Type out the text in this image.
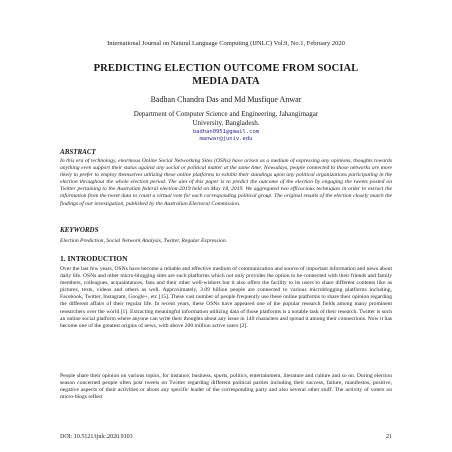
International Journal on Natural Language Computing (IJNLC) Vol.9, No.1, February 2020
PREDICTING ELECTION OUTCOME FROM SOCIAL
MEDIA DATA
Badhan Chandra Das and Md Musfique Anwar
Department of Computer Science and Engineering, Jahangirnagar
University, Bangladesh.
badhan0951@gmail.com
manwar@juniv.edu
ABSTRACT

In this era of technology, enormous Online Social Networking Sites (OSNs) have arisen as a medium of expressing any opinions, thoughts towards anything even support their status against any social or political matter at the same time. Nowadays, people connected to those networks are more likely to prefer to employ themselves utilizing these online platforms to exhibit their standings upon any political organizations participating in the election throughout the whole election period. The aim of this paper is to predict the outcome of the election by engaging the tweets posted on Twitter pertaining to the Australian federal election-2019 held on May 18, 2019. We aggregated two efficacious techniques in order to extract the information from the tweet data to count a virtual vote for each corresponding political group. The original results of the election closely match the findings of our investigation, published by the Australian Electoral Commission.

KEYWORDS

Election Prediction, Social Network Analysis, Twitter, Regular Expression.

1. INTRODUCTION

Over the last few years, OSNs have become a reliable and effective medium of communication and source of important information and news about daily life. OSNs and other micro-blogging sites are such platforms which not only provides the option to be connected with their friends and family members, colleagues, acquaintances, fans and their other well-wishers but it also offers the facility to its users to share different contents like as pictures, texts, videos and others as well. Approximately, 3.09 billion people are connected to various microblogging platforms including, Facebook, Twitter, Instagram, Google+, etc [15]. These vast number of people frequently use these online platforms to share their opinion regarding the different affairs of their regular life. In recent years, these OSNs have appeared one of the popular research fields among many prominent researchers over the world [1]. Extracting meaningful information utilizing data of those platforms is a notable task of their research. Twitter is such an online social platform where anyone can write their thoughts about any issue in 140 characters and spread it among their connections. Now it has become one of the greatest origins of news, with above 200 million active users [2].

People share their opinion on various topics, for instance, business, sports, politics, entertainment, literature and culture and so on. During election season concerned people often post tweets on Twitter regarding different political parties including their success, failure, manifestos, positive, negative aspects of their activities or about any specific leader of the corresponding party and also several other stuff. The activity of voters on micro-blogs reflect

DOI: 10.5121/ijnlc.2020.9103	21
